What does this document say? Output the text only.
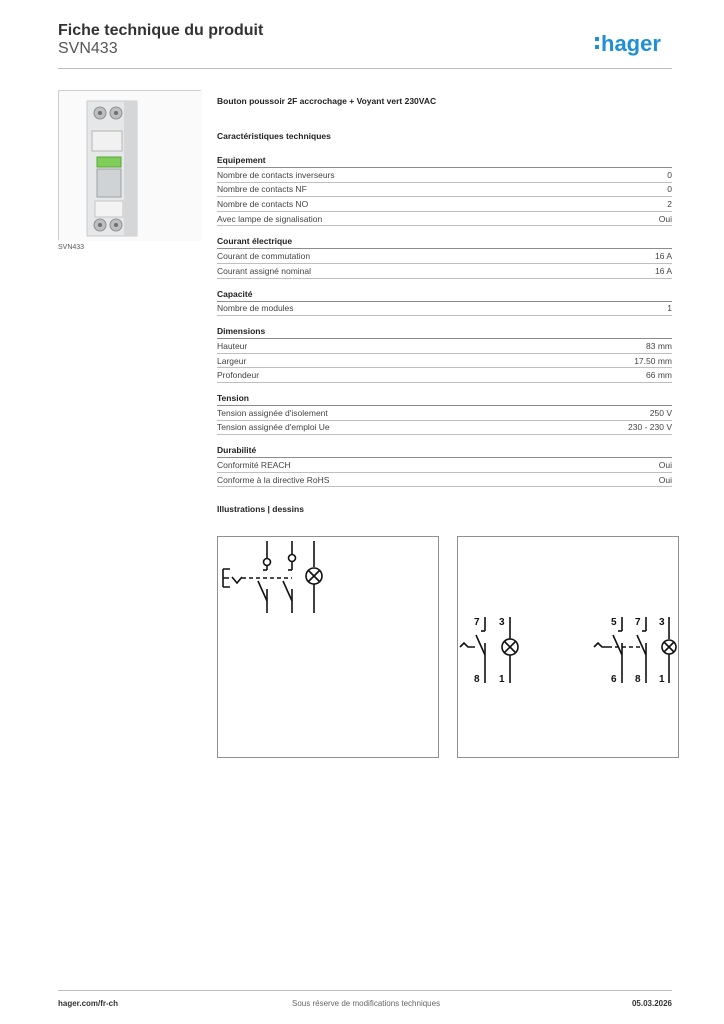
Fiche technique du produit
SVN433	hager
SVN433
Bouton poussoir 2F accrochage + Voyant vert 230VAC
Caractéristiques techniques
Equipement
Nombre de contacts inverseurs	0
Nombre de contacts NF	0
Nombre de contacts NO	2
Avec lampe de signalisation	Oui
Courant électrique
Courant de commutation	16 A
Courant assigné nominal	16 A
Capacité
Nombre de modules	1
Dimensions
Hauteur	83 mm
Largeur	17.50 mm
Profondeur	66 mm
Tension
Tension assignée d'isolement	250 V
Tension assignée d'emploi Ue	230 - 230 V
Durabilité
Conformité REACH	Oui
Conforme à la directive RoHS	Oui
Illustrations | dessins
7 3
8 1
5 7 3
6 8 1
hager.com/fr-ch	Sous réserve de modifications techniques	05.03.2026
